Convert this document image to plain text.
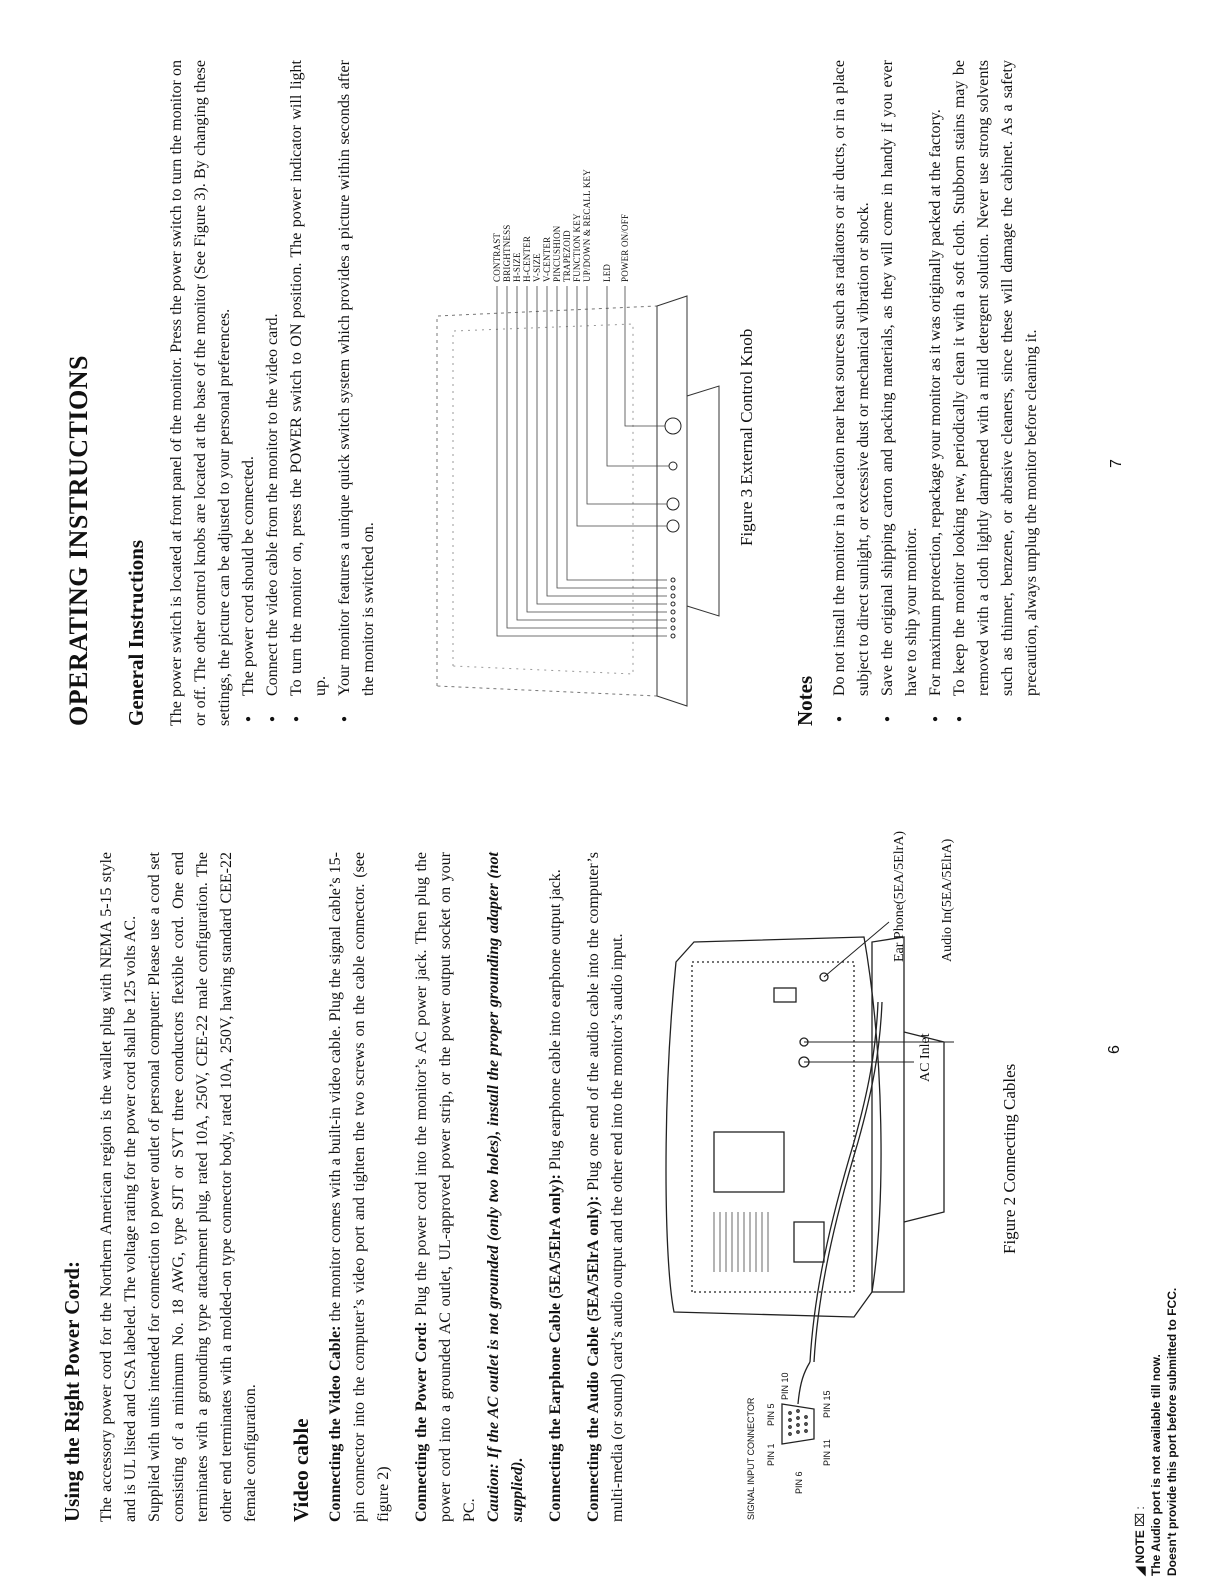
Using the Right Power Cord: The accessory power cord for the Northern American region is the wallet plug with NEMA 5-15 style and is UL listed and CSA labeled. The voltage rating for the power cord shall be 125 volts AC. Supplied with units intended for connection to power outlet of personal computer: Please use a cord set consisting of a minimum No. 18 AWG, type SJT or SVT three conductors flexible cord. One end terminates with a grounding type attachment plug, rated 10A, 250V, CEE-22 male configuration. The other end terminates with a molded-on type connector body, rated 10A, 250V, having standard CEE-22 female configuration. Video cable Connecting the Video Cable: the monitor comes with a built-in video cable. Plug the signal cable’s 15-pin connector into the computer’s video port and tighten the two screws on the cable connector. (see figure 2) Connecting the Power Cord: Plug the power cord into the monitor’s AC power jack. Then plug the power cord into a grounded AC outlet, UL-approved power strip, or the power output socket on your PC. Caution: If the AC outlet is not grounded (only two holes), install the proper grounding adapter (not supplied). Connecting the Earphone Cable (5EA/5ElrA only): Plug earphone cable into earphone output jack.

Connecting the Audio Cable (5EA/5ElrA only): Plug one end of the audio cable into the computer’s multi-media (or sound) card’s audio output and the other end into the monitor’s audio input.	SIGNAL INPUT CONNECTOR PIN 1
PIN 5
PIN 6
PIN 10
PIN 11
PIN 15
AC Inlet
Ear Phone(5EA/5ElrA) Audio In(5EA/5ElrA)
Figure 2 Connecting Cables
◢ NOTE ⌧ : The Audio port is not available till now. Doesn't provide this port before submitted to FCC.
6
OPERATING INSTRUCTIONS General Instructions The power switch is located at front panel of the monitor. Press the power switch to turn the monitor on or off. The other control knobs are located at the base of the monitor (See Figure 3). By changing these settings, the picture can be adjusted to your personal preferences. ● The power cord should be connected. ● Connect the video cable from the monitor to the video card. ● To turn the monitor on, press the POWER switch to ON position. The power indicator will light up. ● Your monitor features a unique quick switch system which provides a picture within seconds after the monitor is switched on.
CONTRAST BRIGHTNESS H-SIZE H-CENTER V-SIZE V-CENTER PINCUSHION TRAPEZOID FUNCTION KEY UP/DOWN & RECALL KEY LED POWER ON/OFF
Figure 3 External Control Knob
Notes
● Do not install the monitor in a location near heat sources such as radiators or air ducts, or in a place subject to direct sunlight, or excessive dust or mechanical vibration or shock. ● Save the original shipping carton and packing materials, as they will come in handy if you ever have to ship your monitor. ● For maximum protection, repackage your monitor as it was originally packed at the factory. ● To keep the monitor looking new, periodically clean it with a soft cloth. Stubborn stains may be removed with a cloth lightly dampened with a mild detergent solution. Never use strong solvents such as thinner, benzene, or abrasive cleaners, since these will damage the cabinet. As a safety precaution, always unplug the monitor before cleaning it.	7
